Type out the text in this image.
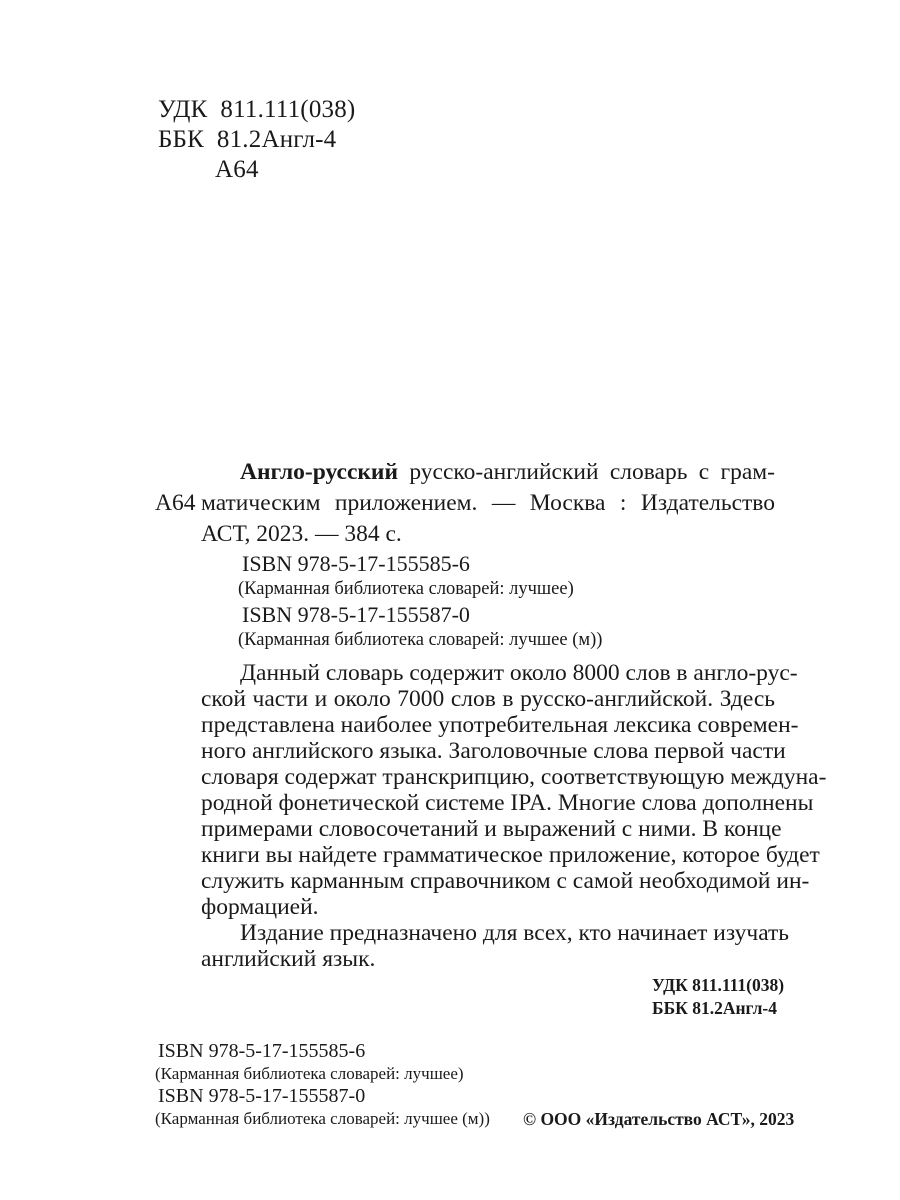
УДК 811.111(038)
ББК 81.2Англ-4
А64
А64
Англо-русский русско-английский словарь с грам-
матическим приложением. — Москва : Издательство
АСТ, 2023. — 384 с.
ISBN 978-5-17-155585-6
(Карманная библиотека словарей: лучшее)
ISBN 978-5-17-155587-0
(Карманная библиотека словарей: лучшее (м))
Данный словарь содержит около 8000 слов в англо-рус-
ской части и около 7000 слов в русско-английской. Здесь
представлена наиболее употребительная лексика современ-
ного английского языка. Заголовочные слова первой части
словаря содержат транскрипцию, соответствующую междуна-
родной фонетической системе IPA. Многие слова дополнены
примерами словосочетаний и выражений с ними. В конце
книги вы найдете грамматическое приложение, которое будет
служить карманным справочником с самой необходимой ин-
формацией.
Издание предназначено для всех, кто начинает изучать
английский язык.
УДК 811.111(038)
ББК 81.2Англ-4
ISBN 978-5-17-155585-6
(Карманная библиотека словарей: лучшее)
ISBN 978-5-17-155587-0
(Карманная библиотека словарей: лучшее (м)) © ООО «Издательство АСТ», 2023
